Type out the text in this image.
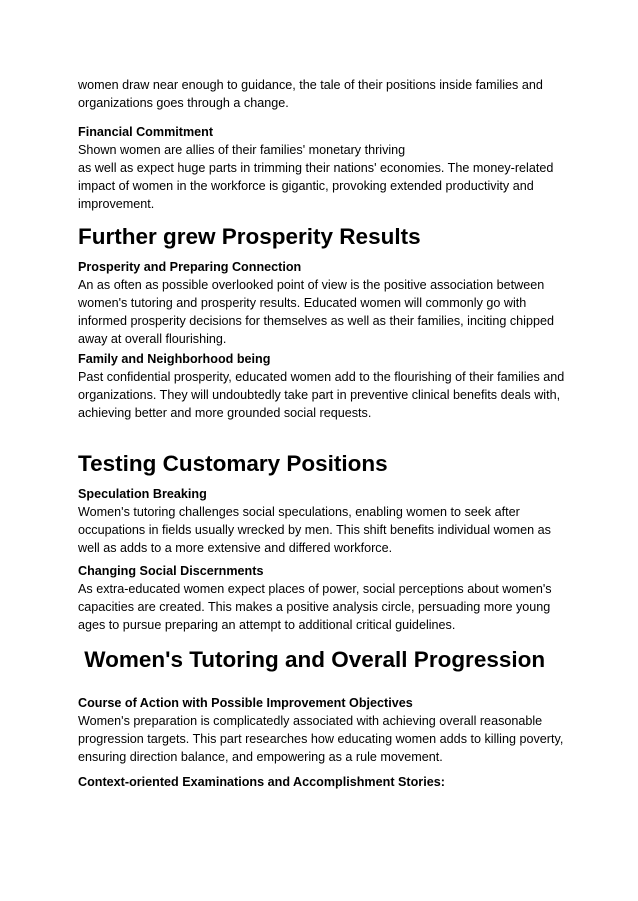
women draw near enough to guidance, the tale of their positions inside families and organizations goes through a change.

Financial Commitment

Shown women are allies of their families' monetary thriving
as well as expect huge parts in trimming their nations' economies. The money-related impact of women in the workforce is gigantic, provoking extended productivity and improvement.

Further grew Prosperity Results

Prosperity and Preparing Connection

An as often as possible overlooked point of view is the positive association between women's tutoring and prosperity results. Educated women will commonly go with informed prosperity decisions for themselves as well as their families, inciting chipped away at overall flourishing.

Family and Neighborhood being

Past confidential prosperity, educated women add to the flourishing of their families and organizations. They will undoubtedly take part in preventive clinical benefits deals with, achieving better and more grounded social requests.

Testing Customary Positions

Speculation Breaking

Women's tutoring challenges social speculations, enabling women to seek after occupations in fields usually wrecked by men. This shift benefits individual women as well as adds to a more extensive and differed workforce.

Changing Social Discernments

As extra-educated women expect places of power, social perceptions about women's capacities are created. This makes a positive analysis circle, persuading more young ages to pursue preparing an attempt to additional critical guidelines.

Women's Tutoring and Overall Progression

Course of Action with Possible Improvement Objectives

Women's preparation is complicatedly associated with achieving overall reasonable progression targets. This part researches how educating women adds to killing poverty, ensuring direction balance, and empowering as a rule movement.

Context-oriented Examinations and Accomplishment Stories:
